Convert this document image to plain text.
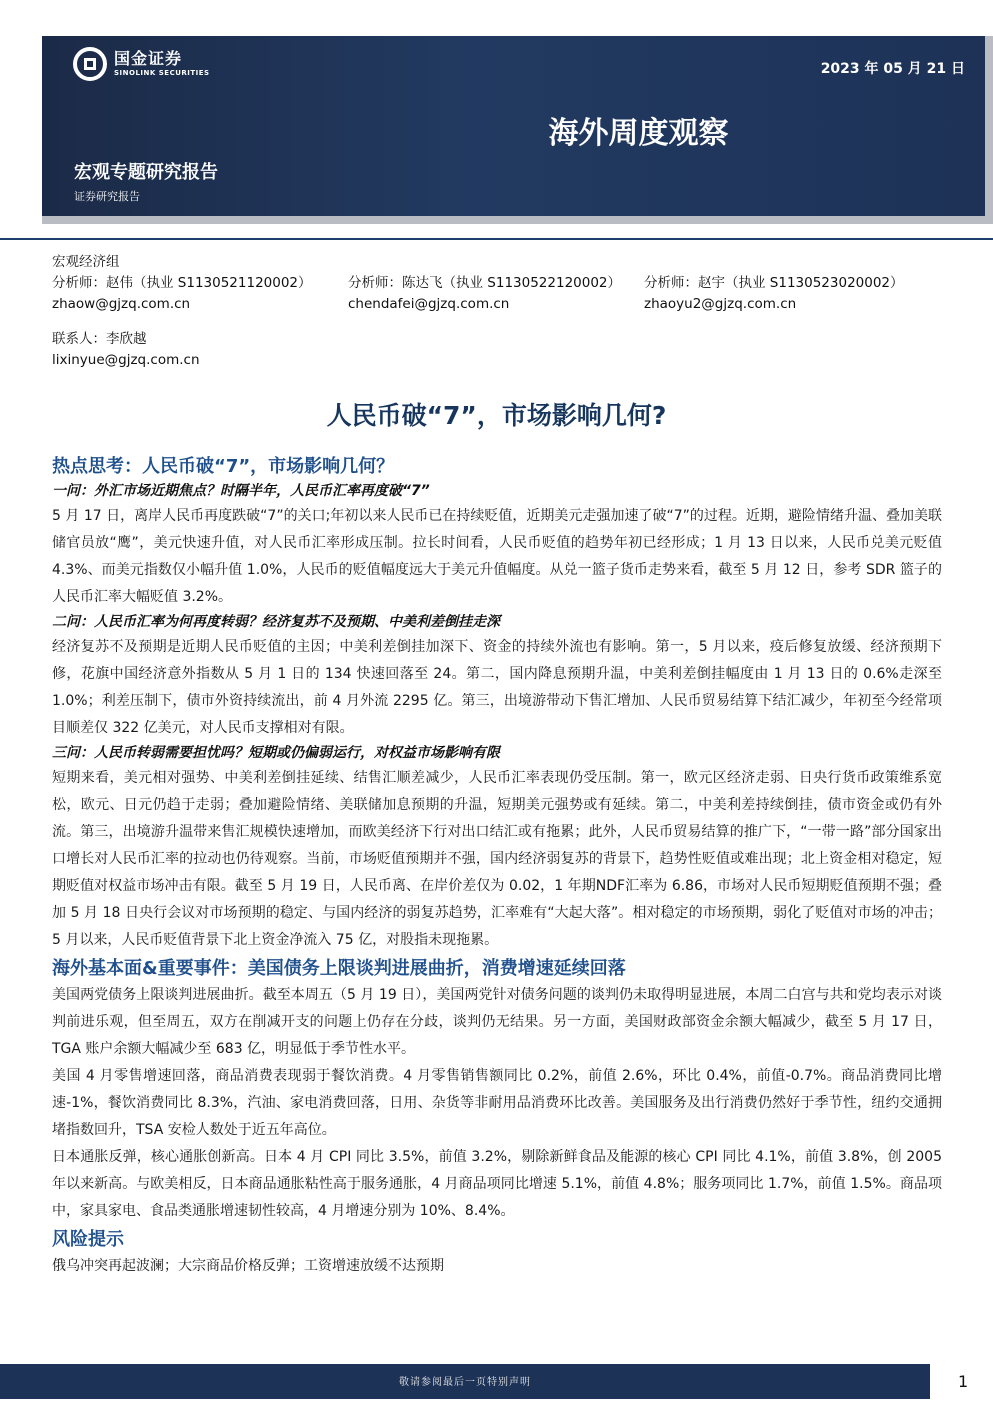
国金证券
SINOLINK SECURITIES	2023 年 05 月 21 日
海外周度观察
宏观专题研究报告
证券研究报告
宏观经济组
分析师：赵伟（执业 S1130521120002）	分析师：陈达飞（执业 S1130522120002）	分析师：赵宇（执业 S1130523020002）
zhaow@gjzq.com.cn	chendafei@gjzq.com.cn	zhaoyu2@gjzq.com.cn
联系人：李欣越
lixinyue@gjzq.com.cn
人民币破“7”，市场影响几何?
热点思考：人民币破“7”，市场影响几何？
一问：外汇市场近期焦点？时隔半年，人民币汇率再度破“7”
5 月 17 日，离岸人民币再度跌破“7”的关口;年初以来人民币已在持续贬值，近期美元走强加速了破“7”的过程。近期，避险情绪升温、叠加美联储官员放“鹰”，美元快速升值，对人民币汇率形成压制。拉长时间看，人民币贬值的趋势年初已经形成；1 月 13 日以来，人民币兑美元贬值 4.3%、而美元指数仅小幅升值 1.0%，人民币的贬值幅度远大于美元升值幅度。从兑一篮子货币走势来看，截至 5 月 12 日，参考 SDR 篮子的人民币汇率大幅贬值 3.2%。
二问：人民币汇率为何再度转弱？经济复苏不及预期、中美利差倒挂走深
经济复苏不及预期是近期人民币贬值的主因；中美利差倒挂加深下、资金的持续外流也有影响。第一，5 月以来，疫后修复放缓、经济预期下修，花旗中国经济意外指数从 5 月 1 日的 134 快速回落至 24。第二，国内降息预期升温，中美利差倒挂幅度由 1 月 13 日的 0.6%走深至 1.0%；利差压制下，债市外资持续流出，前 4 月外流 2295 亿。第三，出境游带动下售汇增加、人民币贸易结算下结汇减少，年初至今经常项目顺差仅 322 亿美元，对人民币支撑相对有限。
三问：人民币转弱需要担忧吗？短期或仍偏弱运行，对权益市场影响有限
短期来看，美元相对强势、中美利差倒挂延续、结售汇顺差减少，人民币汇率表现仍受压制。第一，欧元区经济走弱、日央行货币政策维系宽松，欧元、日元仍趋于走弱；叠加避险情绪、美联储加息预期的升温，短期美元强势或有延续。第二，中美利差持续倒挂，债市资金或仍有外流。第三，出境游升温带来售汇规模快速增加，而欧美经济下行对出口结汇或有拖累；此外，人民币贸易结算的推广下，“一带一路”部分国家出口增长对人民币汇率的拉动也仍待观察。当前，市场贬值预期并不强，国内经济弱复苏的背景下，趋势性贬值或难出现；北上资金相对稳定，短期贬值对权益市场冲击有限。截至 5 月 19 日，人民币离、在岸价差仅为 0.02，1 年期NDF汇率为 6.86，市场对人民币短期贬值预期不强；叠加 5 月 18 日央行会议对市场预期的稳定、与国内经济的弱复苏趋势，汇率难有“大起大落”。相对稳定的市场预期，弱化了贬值对市场的冲击；5 月以来，人民币贬值背景下北上资金净流入 75 亿，对股指未现拖累。
海外基本面&重要事件：美国债务上限谈判进展曲折，消费增速延续回落
美国两党债务上限谈判进展曲折。截至本周五（5 月 19 日），美国两党针对债务问题的谈判仍未取得明显进展，本周二白宫与共和党均表示对谈判前进乐观，但至周五，双方在削减开支的问题上仍存在分歧，谈判仍无结果。另一方面，美国财政部资金余额大幅减少，截至 5 月 17 日，TGA 账户余额大幅减少至 683 亿，明显低于季节性水平。
美国 4 月零售增速回落，商品消费表现弱于餐饮消费。4 月零售销售额同比 0.2%，前值 2.6%，环比 0.4%，前值-0.7%。商品消费同比增速-1%，餐饮消费同比 8.3%，汽油、家电消费回落，日用、杂货等非耐用品消费环比改善。美国服务及出行消费仍然好于季节性，纽约交通拥堵指数回升，TSA 安检人数处于近五年高位。
日本通胀反弹，核心通胀创新高。日本 4 月 CPI 同比 3.5%，前值 3.2%，剔除新鲜食品及能源的核心 CPI 同比 4.1%，前值 3.8%，创 2005 年以来新高。与欧美相反，日本商品通胀粘性高于服务通胀，4 月商品项同比增速 5.1%，前值 4.8%；服务项同比 1.7%，前值 1.5%。商品项中，家具家电、食品类通胀增速韧性较高，4 月增速分别为 10%、8.4%。
风险提示
俄乌冲突再起波澜；大宗商品价格反弹；工资增速放缓不达预期
敬请参阅最后一页特别声明	1
